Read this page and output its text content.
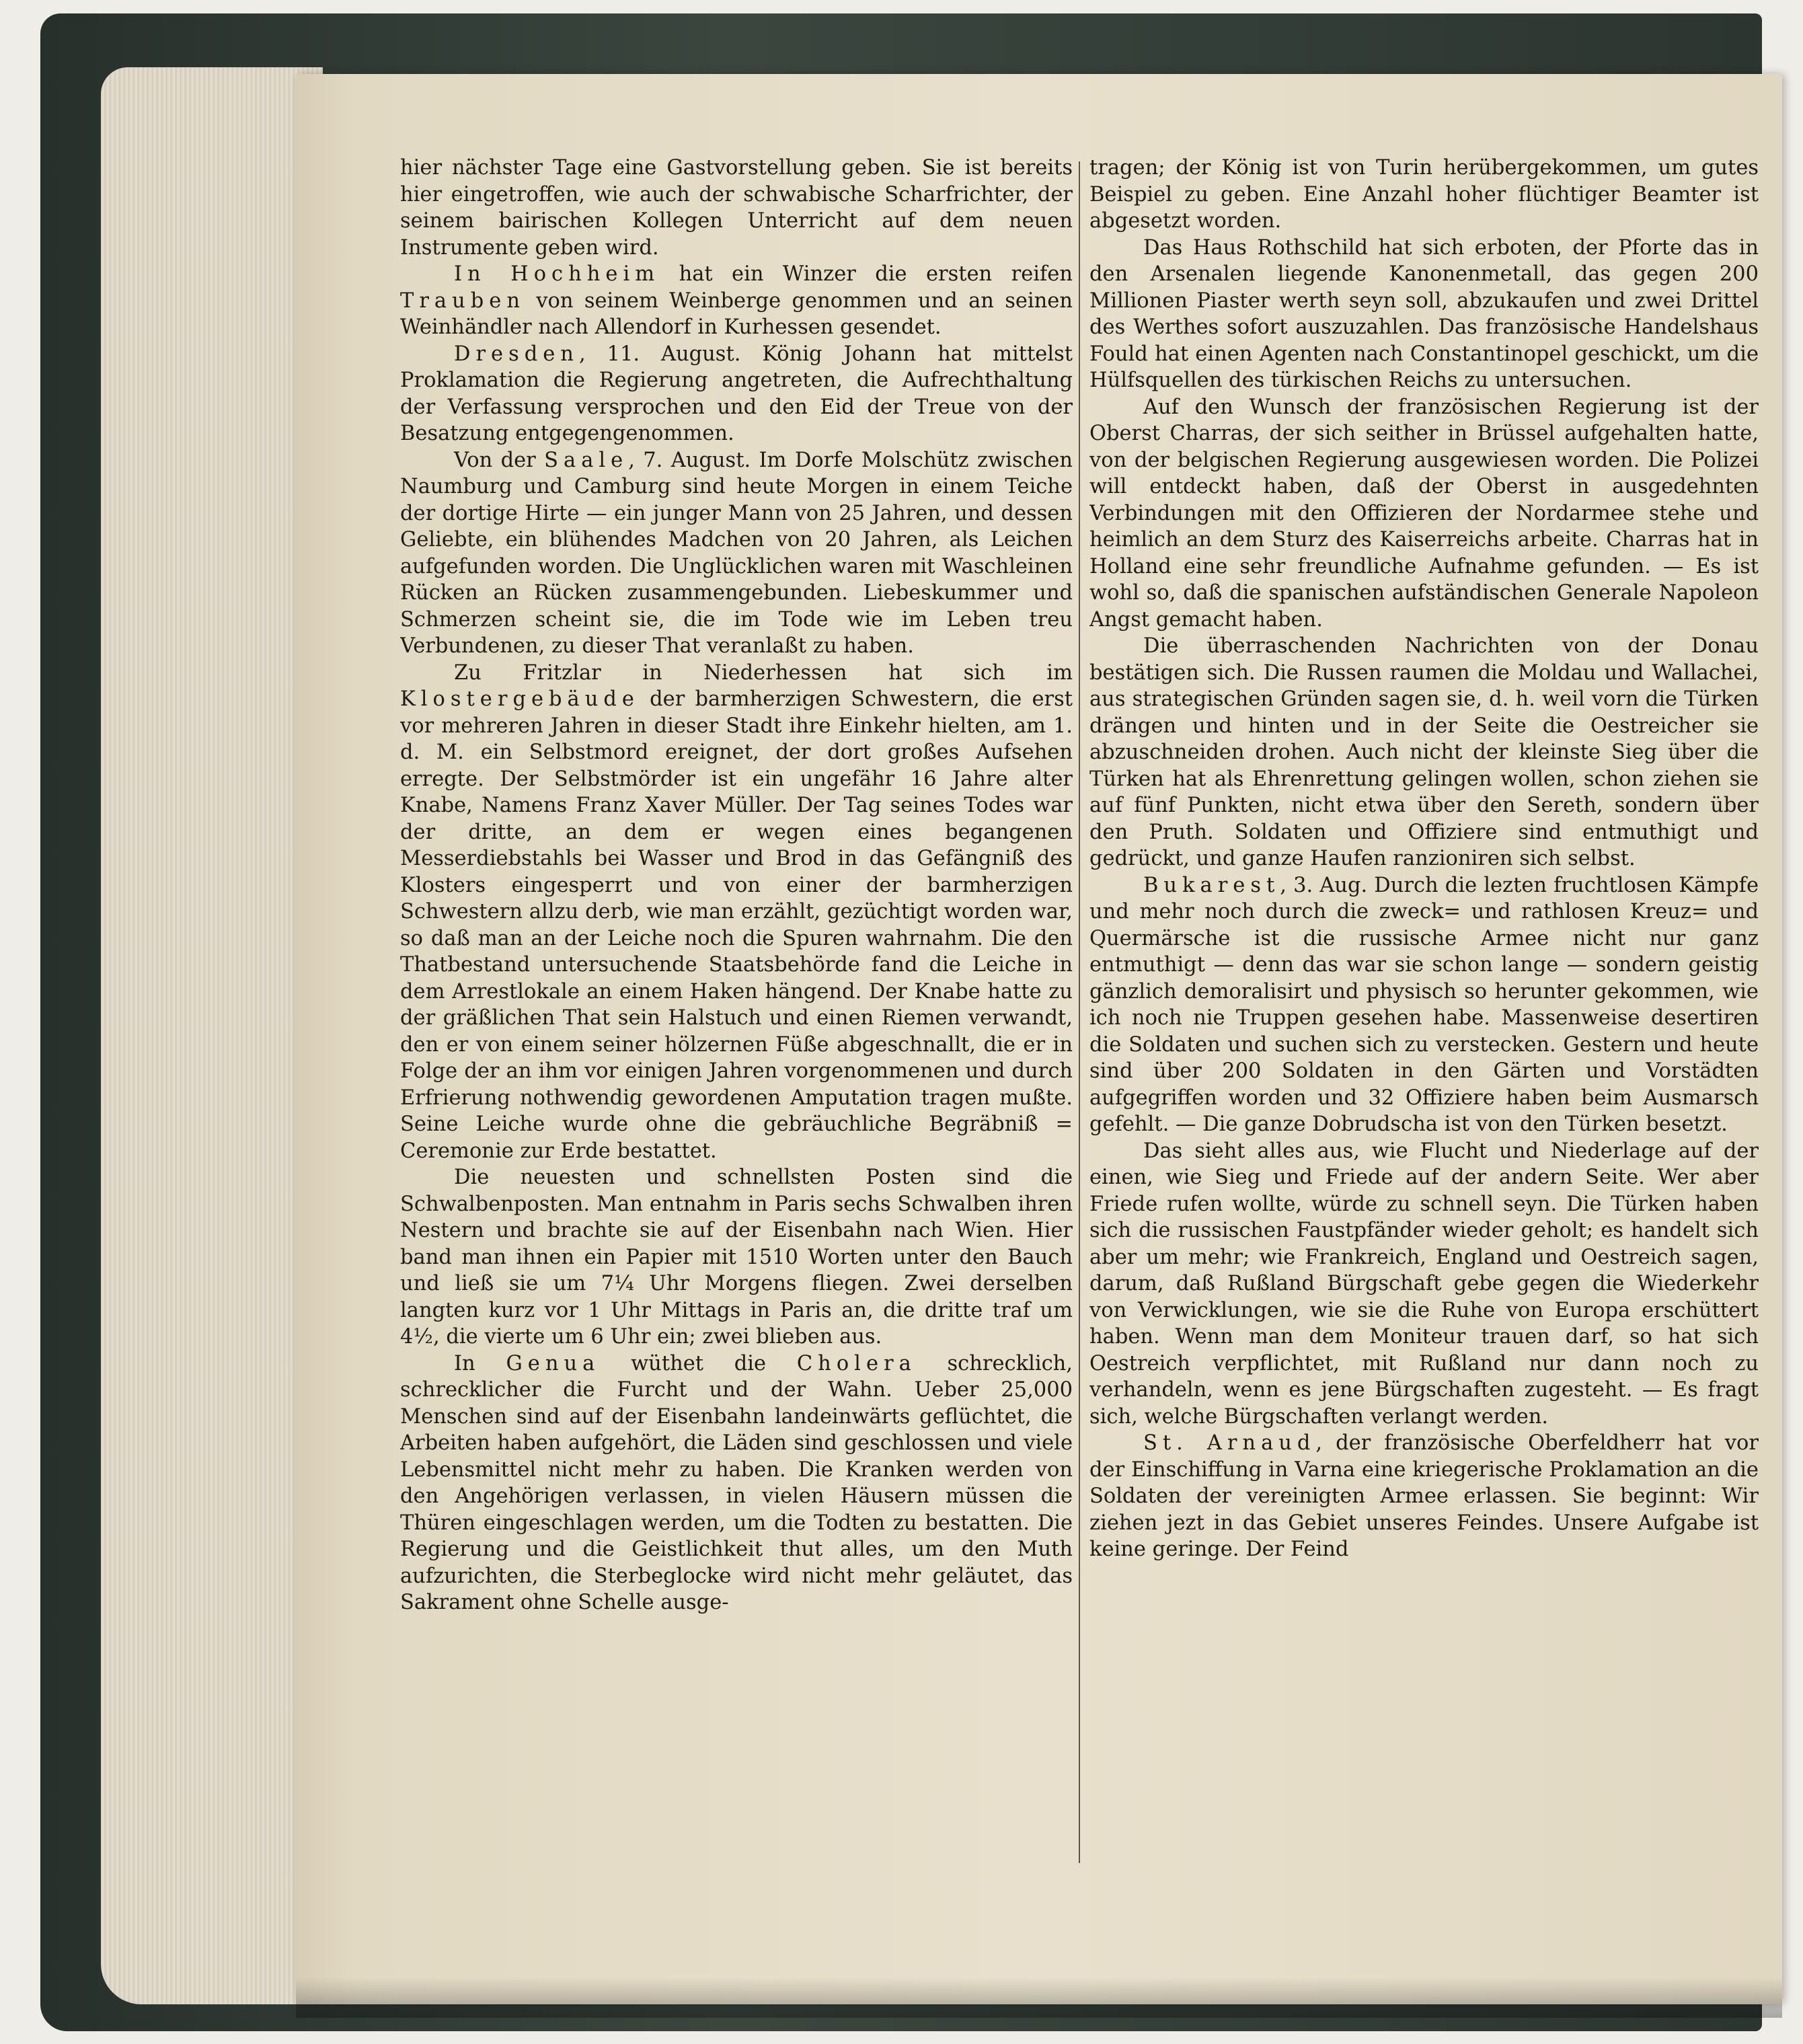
hier nächster Tage eine Gastvorstellung geben. Sie ist bereits hier eingetroffen, wie auch der schwabische Scharfrichter, der seinem bairischen Kollegen Unterricht auf dem neuen Instrumente geben wird.

In Hochheim hat ein Winzer die ersten reifen Trauben von seinem Weinberge genommen und an seinen Weinhändler nach Allendorf in Kurhessen gesendet.

Dresden, 11. August. König Johann hat mittelst Proklamation die Regierung angetreten, die Aufrechthaltung der Verfassung versprochen und den Eid der Treue von der Besatzung entgegengenommen.

Von der Saale, 7. August. Im Dorfe Molschütz zwischen Naumburg und Camburg sind heute Morgen in einem Teiche der dortige Hirte — ein junger Mann von 25 Jahren, und dessen Geliebte, ein blühendes Madchen von 20 Jahren, als Leichen aufgefunden worden. Die Unglücklichen waren mit Waschleinen Rücken an Rücken zusammengebunden. Liebeskummer und Schmerzen scheint sie, die im Tode wie im Leben treu Verbundenen, zu dieser That veranlaßt zu haben.

Zu Fritzlar in Niederhessen hat sich im Klostergebäude der barmherzigen Schwestern, die erst vor mehreren Jahren in dieser Stadt ihre Einkehr hielten, am 1. d. M. ein Selbstmord ereignet, der dort großes Aufsehen erregte. Der Selbstmörder ist ein ungefähr 16 Jahre alter Knabe, Namens Franz Xaver Müller. Der Tag seines Todes war der dritte, an dem er wegen eines begangenen Messerdiebstahls bei Wasser und Brod in das Gefängniß des Klosters eingesperrt und von einer der barmherzigen Schwestern allzu derb, wie man erzählt, gezüchtigt worden war, so daß man an der Leiche noch die Spuren wahrnahm. Die den Thatbestand untersuchende Staatsbehörde fand die Leiche in dem Arrestlokale an einem Haken hängend. Der Knabe hatte zu der gräßlichen That sein Halstuch und einen Riemen verwandt, den er von einem seiner hölzernen Füße abgeschnallt, die er in Folge der an ihm vor einigen Jahren vorgenommenen und durch Erfrierung nothwendig gewordenen Amputation tragen mußte. Seine Leiche wurde ohne die gebräuchliche Begräbniß = Ceremonie zur Erde bestattet.

Die neuesten und schnellsten Posten sind die Schwalbenposten. Man entnahm in Paris sechs Schwalben ihren Nestern und brachte sie auf der Eisenbahn nach Wien. Hier band man ihnen ein Papier mit 1510 Worten unter den Bauch und ließ sie um 7¼ Uhr Morgens fliegen. Zwei derselben langten kurz vor 1 Uhr Mittags in Paris an, die dritte traf um 4½, die vierte um 6 Uhr ein; zwei blieben aus.

In Genua wüthet die Cholera schrecklich, schrecklicher die Furcht und der Wahn. Ueber 25,000 Menschen sind auf der Eisenbahn landeinwärts geflüchtet, die Arbeiten haben aufgehört, die Läden sind geschlossen und viele Lebensmittel nicht mehr zu haben. Die Kranken werden von den Angehörigen verlassen, in vielen Häusern müssen die Thüren eingeschlagen werden, um die Todten zu bestatten. Die Regierung und die Geistlichkeit thut alles, um den Muth aufzurichten, die Sterbeglocke wird nicht mehr geläutet, das Sakrament ohne Schelle ausge-

tragen; der König ist von Turin herübergekommen, um gutes Beispiel zu geben. Eine Anzahl hoher flüchtiger Beamter ist abgesetzt worden.

Das Haus Rothschild hat sich erboten, der Pforte das in den Arsenalen liegende Kanonenmetall, das gegen 200 Millionen Piaster werth seyn soll, abzukaufen und zwei Drittel des Werthes sofort auszuzahlen. Das französische Handelshaus Fould hat einen Agenten nach Constantinopel geschickt, um die Hülfsquellen des türkischen Reichs zu untersuchen.

Auf den Wunsch der französischen Regierung ist der Oberst Charras, der sich seither in Brüssel aufgehalten hatte, von der belgischen Regierung ausgewiesen worden. Die Polizei will entdeckt haben, daß der Oberst in ausgedehnten Verbindungen mit den Offizieren der Nordarmee stehe und heimlich an dem Sturz des Kaiserreichs arbeite. Charras hat in Holland eine sehr freundliche Aufnahme gefunden. — Es ist wohl so, daß die spanischen aufständischen Generale Napoleon Angst gemacht haben.

Die überraschenden Nachrichten von der Donau bestätigen sich. Die Russen raumen die Moldau und Wallachei, aus strategischen Gründen sagen sie, d. h. weil vorn die Türken drängen und hinten und in der Seite die Oestreicher sie abzuschneiden drohen. Auch nicht der kleinste Sieg über die Türken hat als Ehrenrettung gelingen wollen, schon ziehen sie auf fünf Punkten, nicht etwa über den Sereth, sondern über den Pruth. Soldaten und Offiziere sind entmuthigt und gedrückt, und ganze Haufen ranzioniren sich selbst.

Bukarest, 3. Aug. Durch die lezten fruchtlosen Kämpfe und mehr noch durch die zweck= und rathlosen Kreuz= und Quermärsche ist die russische Armee nicht nur ganz entmuthigt — denn das war sie schon lange — sondern geistig gänzlich demoralisirt und physisch so herunter gekommen, wie ich noch nie Truppen gesehen habe. Massenweise desertiren die Soldaten und suchen sich zu verstecken. Gestern und heute sind über 200 Soldaten in den Gärten und Vorstädten aufgegriffen worden und 32 Offiziere haben beim Ausmarsch gefehlt. — Die ganze Dobrudscha ist von den Türken besetzt.

Das sieht alles aus, wie Flucht und Niederlage auf der einen, wie Sieg und Friede auf der andern Seite. Wer aber Friede rufen wollte, würde zu schnell seyn. Die Türken haben sich die russischen Faustpfänder wieder geholt; es handelt sich aber um mehr; wie Frankreich, England und Oestreich sagen, darum, daß Rußland Bürgschaft gebe gegen die Wiederkehr von Verwicklungen, wie sie die Ruhe von Europa erschüttert haben. Wenn man dem Moniteur trauen darf, so hat sich Oestreich verpflichtet, mit Rußland nur dann noch zu verhandeln, wenn es jene Bürgschaften zugesteht. — Es fragt sich, welche Bürgschaften verlangt werden.

St. Arnaud, der französische Oberfeldherr hat vor der Einschiffung in Varna eine kriegerische Proklamation an die Soldaten der vereinigten Armee erlassen. Sie beginnt: Wir ziehen jezt in das Gebiet unseres Feindes. Unsere Aufgabe ist keine geringe. Der Feind
